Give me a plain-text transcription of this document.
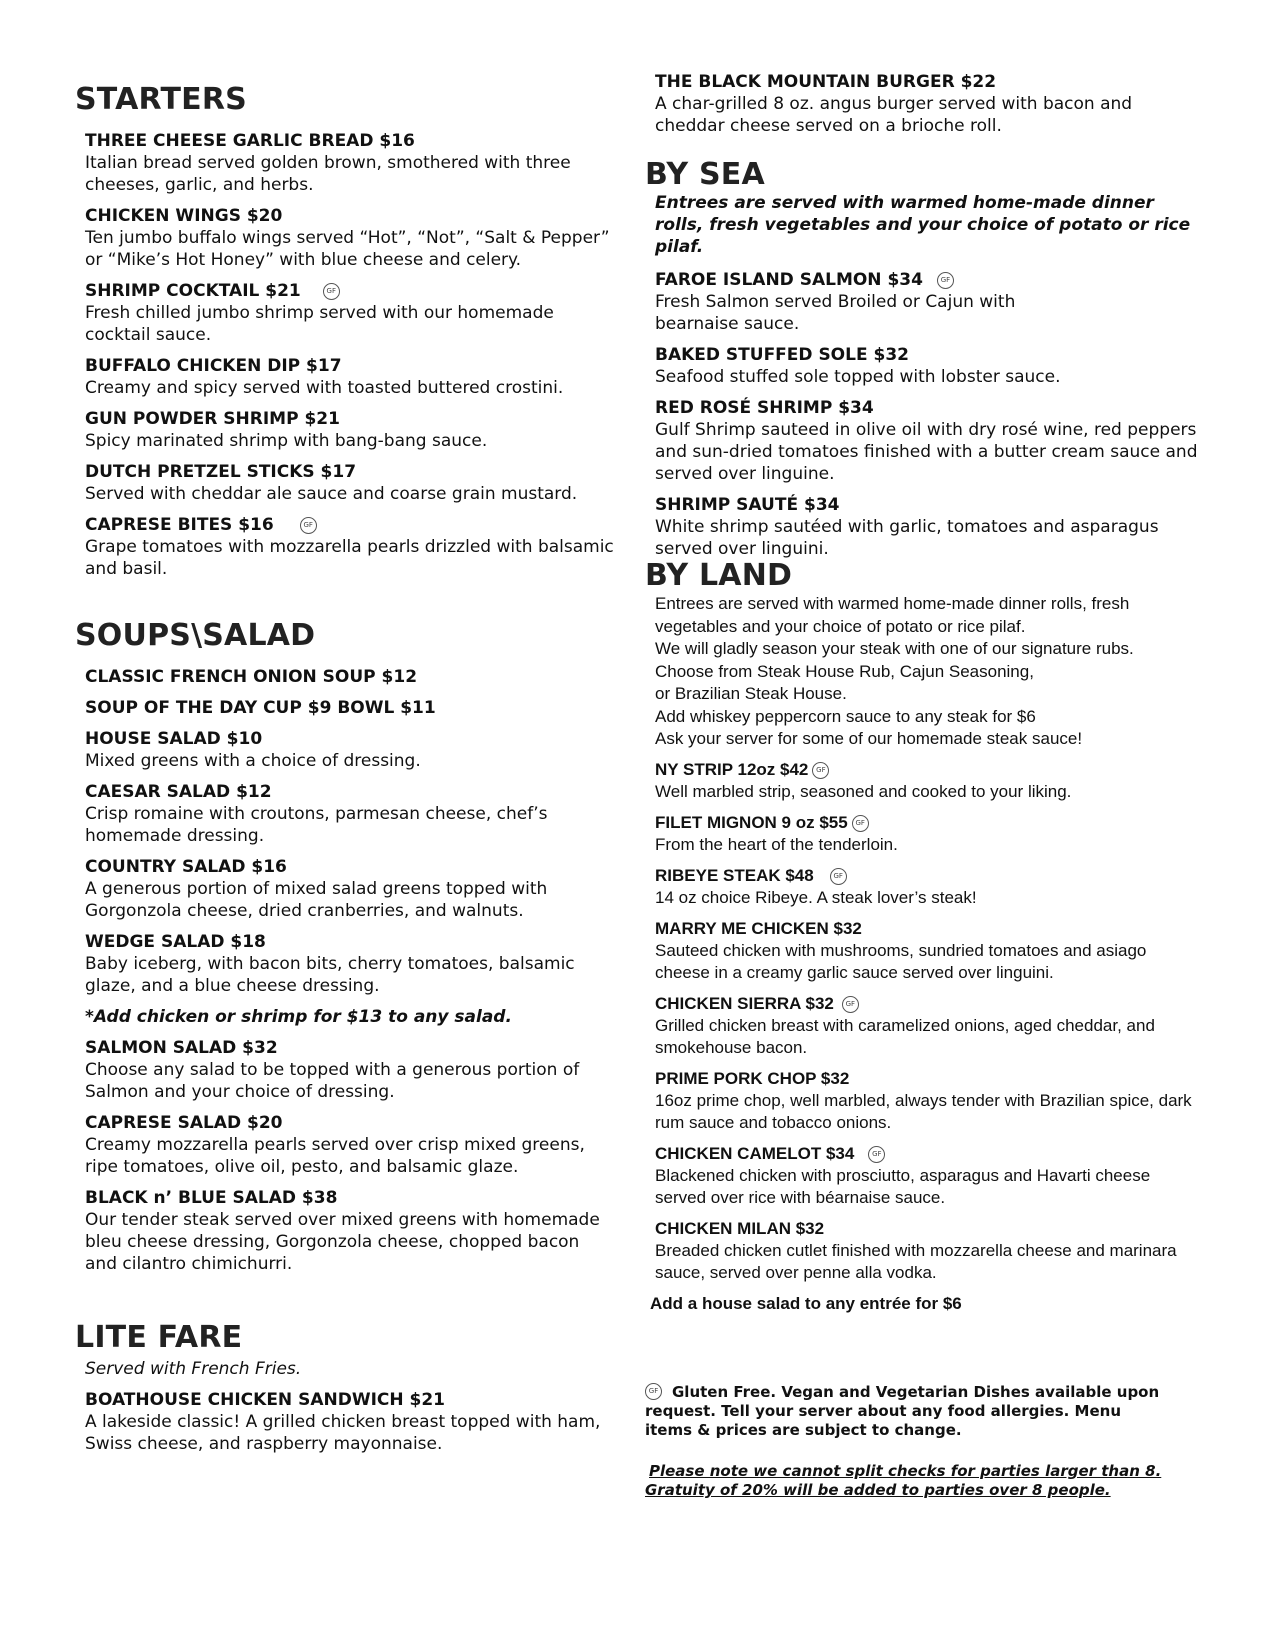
STARTERS
THREE CHEESE GARLIC BREAD $16
Italian bread served golden brown, smothered with three cheeses, garlic, and herbs.
CHICKEN WINGS $20
Ten jumbo buffalo wings served “Hot”, “Not”, “Salt & Pepper” or “Mike’s Hot Honey” with blue cheese and celery.
SHRIMP COCKTAIL $21	GF
Fresh chilled jumbo shrimp served with our homemade cocktail sauce.
BUFFALO CHICKEN DIP $17
Creamy and spicy served with toasted buttered crostini.
GUN POWDER SHRIMP $21
Spicy marinated shrimp with bang-bang sauce.
DUTCH PRETZEL STICKS $17
Served with cheddar ale sauce and coarse grain mustard.
CAPRESE BITES $16	GF
Grape tomatoes with mozzarella pearls drizzled with balsamic and basil.
SOUPS\SALAD
CLASSIC FRENCH ONION SOUP $12
SOUP OF THE DAY CUP $9 BOWL $11
HOUSE SALAD $10
Mixed greens with a choice of dressing.
CAESAR SALAD $12
Crisp romaine with croutons, parmesan cheese, chef’s homemade dressing.
COUNTRY SALAD $16
A generous portion of mixed salad greens topped with Gorgonzola cheese, dried cranberries, and walnuts.
WEDGE SALAD $18
Baby iceberg, with bacon bits, cherry tomatoes, balsamic glaze, and a blue cheese dressing.
*Add chicken or shrimp for $13 to any salad.
SALMON SALAD $32
Choose any salad to be topped with a generous portion of Salmon and your choice of dressing.
CAPRESE SALAD $20
Creamy mozzarella pearls served over crisp mixed greens, ripe tomatoes, olive oil, pesto, and balsamic glaze.
BLACK n’ BLUE SALAD $38
Our tender steak served over mixed greens with homemade bleu cheese dressing, Gorgonzola cheese, chopped bacon and cilantro chimichurri.
LITE FARE
Served with French Fries.
BOATHOUSE CHICKEN SANDWICH $21
A lakeside classic! A grilled chicken breast topped with ham, Swiss cheese, and raspberry mayonnaise.
THE BLACK MOUNTAIN BURGER $22
A char-grilled 8 oz. angus burger served with bacon and cheddar cheese served on a brioche roll.
BY SEA
Entrees are served with warmed home-made dinner rolls, fresh vegetables and your choice of potato or rice pilaf.
FAROE ISLAND SALMON $34	GF
Fresh Salmon served Broiled or Cajun with bearnaise sauce.
BAKED STUFFED SOLE $32
Seafood stuffed sole topped with lobster sauce.
RED ROSÉ SHRIMP $34
Gulf Shrimp sauteed in olive oil with dry rosé wine, red peppers and sun-dried tomatoes finished with a butter cream sauce and served over linguine.
SHRIMP SAUTÉ $34
White shrimp sautéed with garlic, tomatoes and asparagus served over linguini.
BY LAND
Entrees are served with warmed home-made dinner rolls, fresh vegetables and your choice of potato or rice pilaf.
We will gladly season your steak with one of our signature rubs.
Choose from Steak House Rub, Cajun Seasoning,
or Brazilian Steak House.
Add whiskey peppercorn sauce to any steak for $6
Ask your server for some of our homemade steak sauce!
NY STRIP 12oz $42 GF
Well marbled strip, seasoned and cooked to your liking.
FILET MIGNON 9 oz $55 GF
From the heart of the tenderloin.
RIBEYE STEAK $48	GF
14 oz choice Ribeye. A steak lover’s steak!
MARRY ME CHICKEN $32
Sauteed chicken with mushrooms, sundried tomatoes and asiago cheese in a creamy garlic sauce served over linguini.
CHICKEN SIERRA $32 GF
Grilled chicken breast with caramelized onions, aged cheddar, and smokehouse bacon.
PRIME PORK CHOP $32
16oz prime chop, well marbled, always tender with Brazilian spice, dark rum sauce and tobacco onions.
CHICKEN CAMELOT $34	GF
Blackened chicken with prosciutto, asparagus and Havarti cheese served over rice with béarnaise sauce.
CHICKEN MILAN $32
Breaded chicken cutlet finished with mozzarella cheese and marinara sauce, served over penne alla vodka.
Add a house salad to any entrée for $6
GF Gluten Free. Vegan and Vegetarian Dishes available upon request. Tell your server about any food allergies. Menu items & prices are subject to change.
Please note we cannot split checks for parties larger than 8.
Gratuity of 20% will be added to parties over 8 people.
